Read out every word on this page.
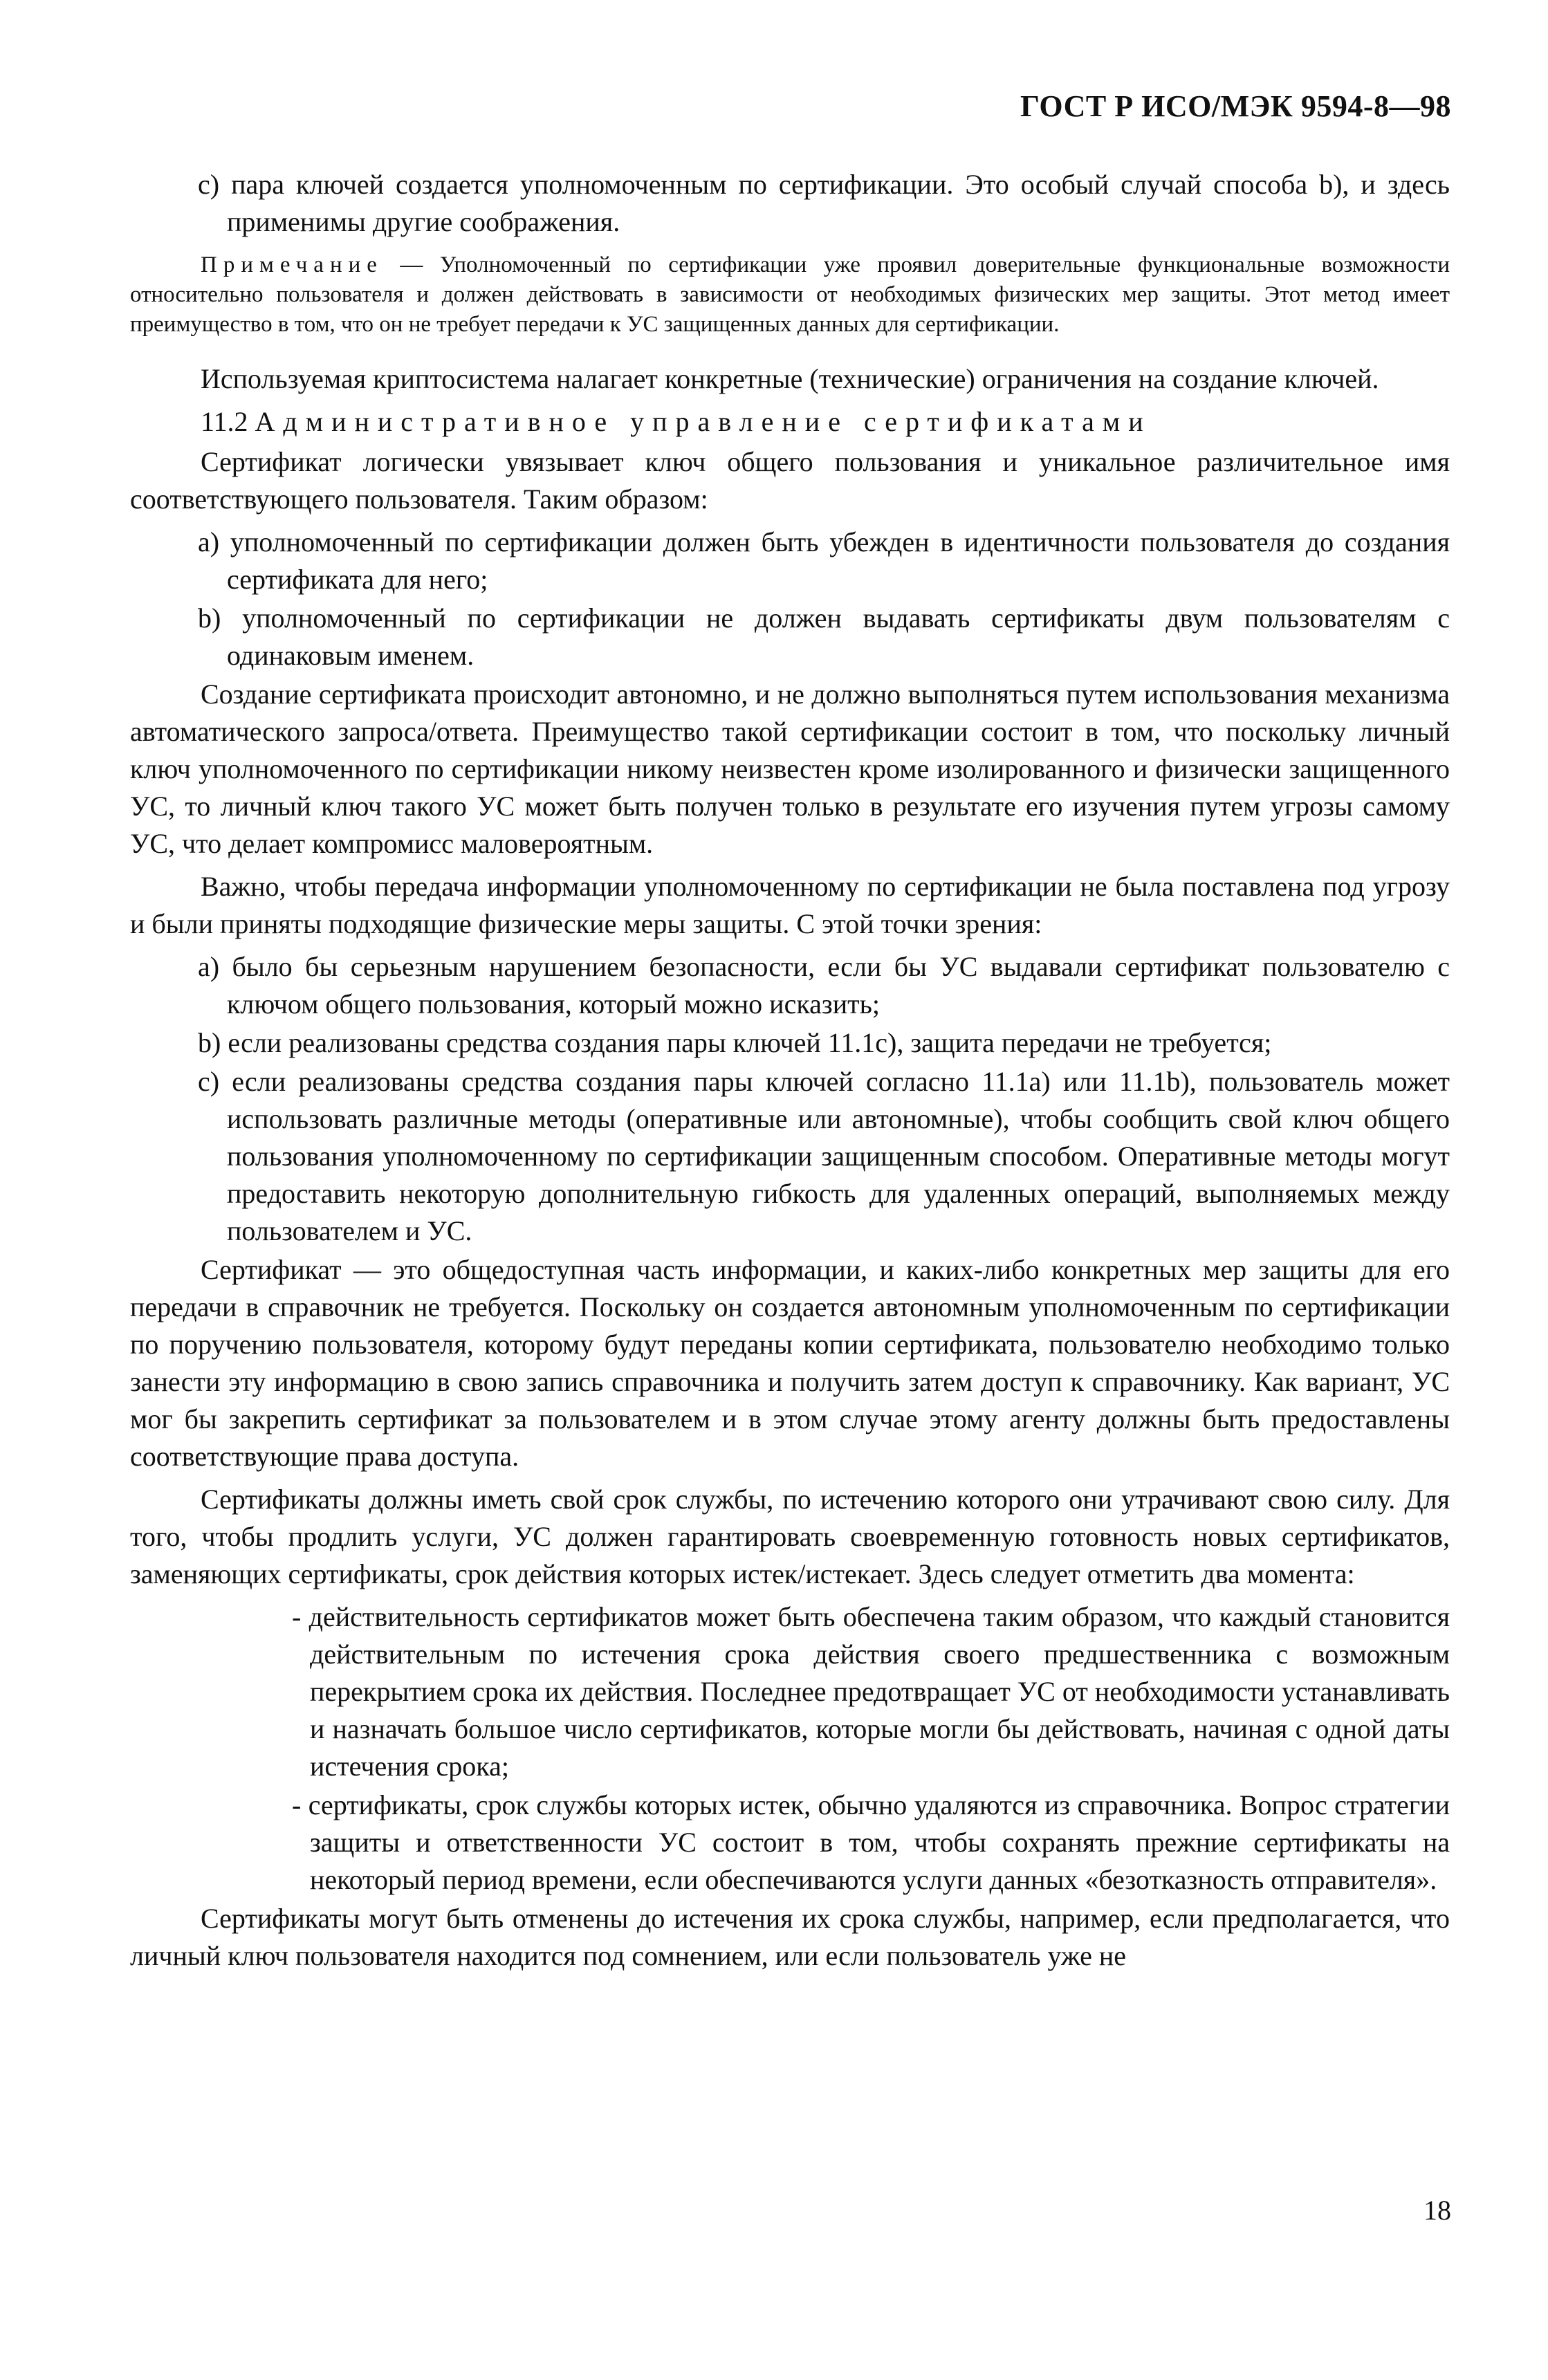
ГОСТ Р ИСО/МЭК 9594-8—98

c) пара ключей создается уполномоченным по сертификации. Это особый случай способа b), и здесь применимы другие соображения.

Примечание — Уполномоченный по сертификации уже проявил доверительные функциональные возможности относительно пользователя и должен действовать в зависимости от необходимых физических мер защиты. Этот метод имеет преимущество в том, что он не требует передачи к УС защищенных данных для сертификации.

Используемая криптосистема налагает конкретные (технические) ограничения на создание ключей.

11.2 Административное управление сертификатами

Сертификат логически увязывает ключ общего пользования и уникальное различительное имя соответствующего пользователя. Таким образом:

a) уполномоченный по сертификации должен быть убежден в идентичности пользователя до создания сертификата для него;

b) уполномоченный по сертификации не должен выдавать сертификаты двум пользователям с одинаковым именем.

Создание сертификата происходит автономно, и не должно выполняться путем использования механизма автоматического запроса/ответа. Преимущество такой сертификации состоит в том, что поскольку личный ключ уполномоченного по сертификации никому неизвестен кроме изолированного и физически защищенного УС, то личный ключ такого УС может быть получен только в результате его изучения путем угрозы самому УС, что делает компромисс маловероятным.

Важно, чтобы передача информации уполномоченному по сертификации не была поставлена под угрозу и были приняты подходящие физические меры защиты. С этой точки зрения:

a) было бы серьезным нарушением безопасности, если бы УС выдавали сертификат пользователю с ключом общего пользования, который можно исказить;

b) если реализованы средства создания пары ключей 11.1c), защита передачи не требуется;

c) если реализованы средства создания пары ключей согласно 11.1a) или 11.1b), пользователь может использовать различные методы (оперативные или автономные), чтобы сообщить свой ключ общего пользования уполномоченному по сертификации защищенным способом. Оперативные методы могут предоставить некоторую дополнительную гибкость для удаленных операций, выполняемых между пользователем и УС.

Сертификат — это общедоступная часть информации, и каких-либо конкретных мер защиты для его передачи в справочник не требуется. Поскольку он создается автономным уполномоченным по сертификации по поручению пользователя, которому будут переданы копии сертификата, пользователю необходимо только занести эту информацию в свою запись справочника и получить затем доступ к справочнику. Как вариант, УС мог бы закрепить сертификат за пользователем и в этом случае этому агенту должны быть предоставлены соответствующие права доступа.

Сертификаты должны иметь свой срок службы, по истечению которого они утрачивают свою силу. Для того, чтобы продлить услуги, УС должен гарантировать своевременную готовность новых сертификатов, заменяющих сертификаты, срок действия которых истек/истекает. Здесь следует отметить два момента:

- действительность сертификатов может быть обеспечена таким образом, что каждый становится действительным по истечения срока действия своего предшественника с возможным перекрытием срока их действия. Последнее предотвращает УС от необходимости устанавливать и назначать большое число сертификатов, которые могли бы действовать, начиная с одной даты истечения срока;

- сертификаты, срок службы которых истек, обычно удаляются из справочника. Вопрос стратегии защиты и ответственности УС состоит в том, чтобы сохранять прежние сертификаты на некоторый период времени, если обеспечиваются услуги данных «безотказность отправителя».

Сертификаты могут быть отменены до истечения их срока службы, например, если предполагается, что личный ключ пользователя находится под сомнением, или если пользователь уже не

18
